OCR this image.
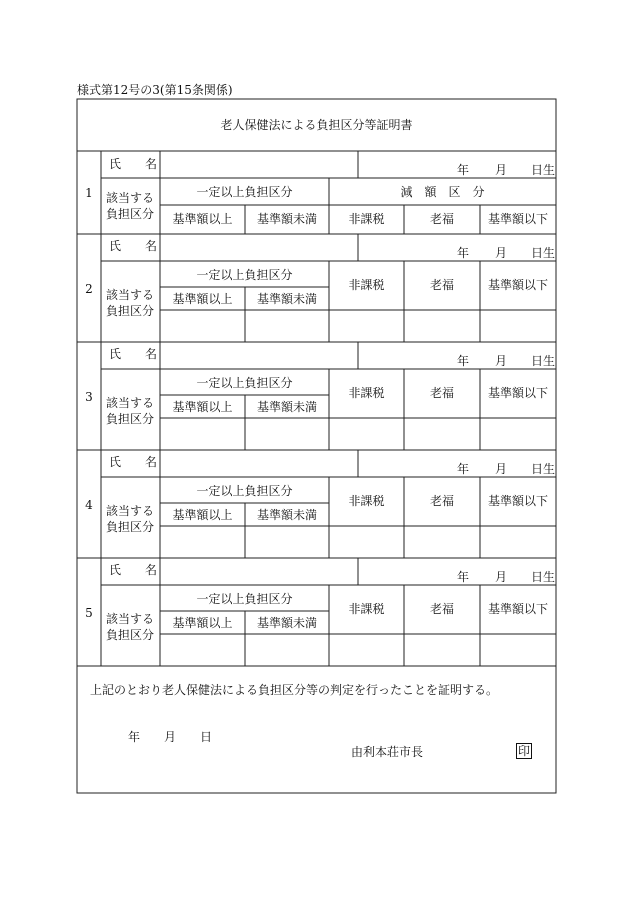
様式第12号の3(第15条関係)
老人保健法による負担区分等証明書
1
氏　　名	年 月 日生
該当する
負担区分
一定以上負担区分	減　額　区　分
基準額以上	基準額未満	非課税	老福	基準額以下
2
氏　　名	年 月 日生
該当する
負担区分
一定以上負担区分
基準額以上	基準額未満
非課税	老福	基準額以下
3
氏　　名	年 月 日生
該当する
負担区分
一定以上負担区分
基準額以上	基準額未満
非課税	老福	基準額以下
4
氏　　名	年 月 日生
該当する
負担区分
一定以上負担区分
基準額以上	基準額未満
非課税	老福	基準額以下
5
氏　　名	年 月 日生
該当する
負担区分
一定以上負担区分
基準額以上	基準額未満
非課税	老福	基準額以下
上記のとおり老人保健法による負担区分等の判定を行ったことを証明する。
年 月 日
由利本荘市長	印
